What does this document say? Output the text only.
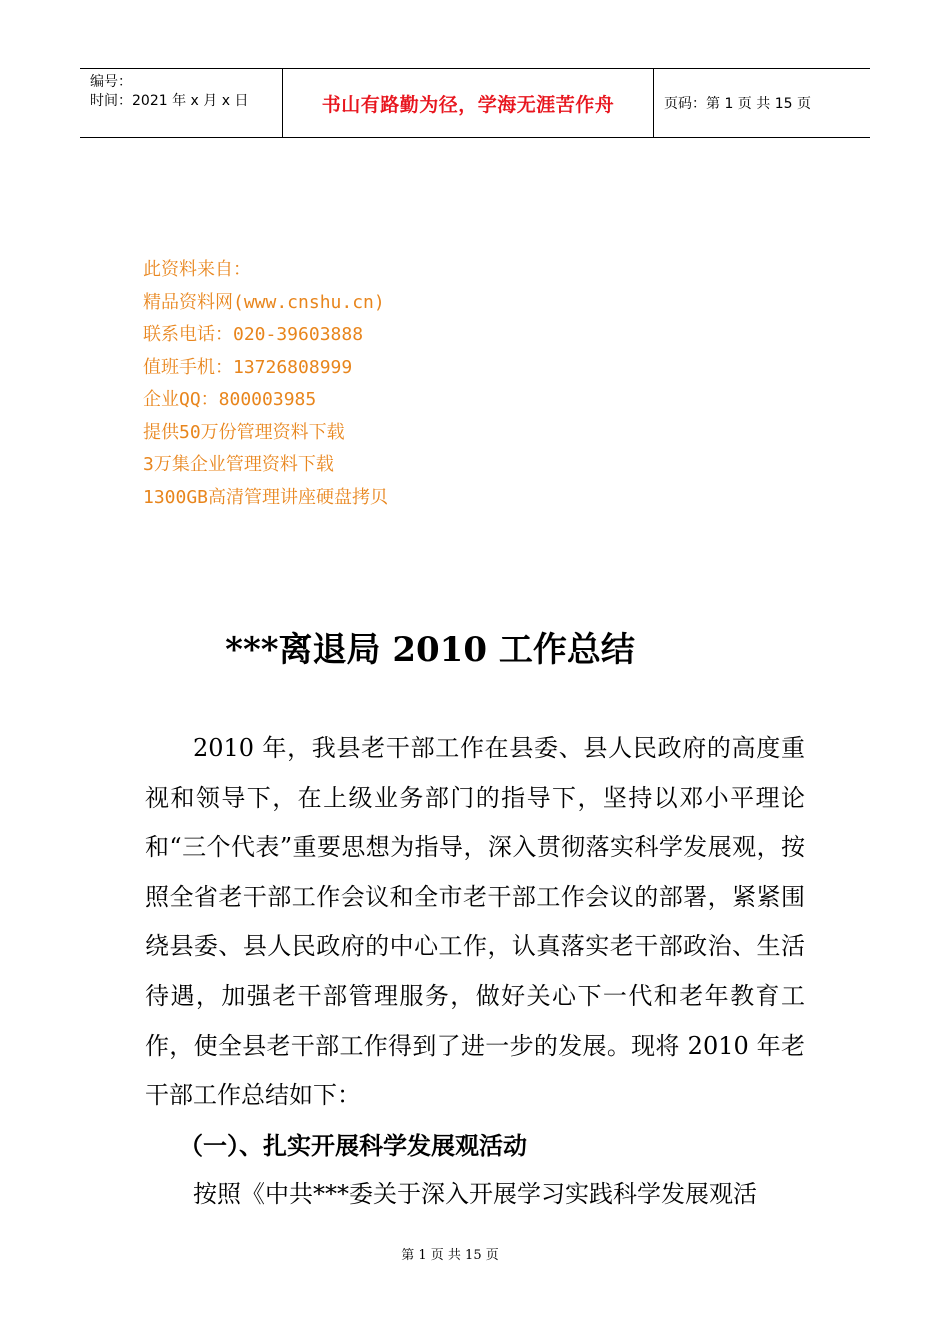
编号：
时间：2021 年 x 月 x 日	书山有路勤为径，学海无涯苦作舟	页码：第 1 页 共 15 页
此资料来自：
精品资料网(www.cnshu.cn)
联系电话：020-39603888
值班手机：13726808999
企业QQ：800003985
提供50万份管理资料下载
3万集企业管理资料下载
1300GB高清管理讲座硬盘拷贝
***离退局 2010 工作总结

2010 年，我县老干部工作在县委、县人民政府的高度重视和领导下，在上级业务部门的指导下，坚持以邓小平理论和“三个代表”重要思想为指导，深入贯彻落实科学发展观，按照全省老干部工作会议和全市老干部工作会议的部署，紧紧围绕县委、县人民政府的中心工作，认真落实老干部政治、生活待遇，加强老干部管理服务，做好关心下一代和老年教育工作，使全县老干部工作得到了进一步的发展。现将 2010 年老干部工作总结如下：

（一）、扎实开展科学发展观活动

按照《中共***委关于深入开展学习实践科学发展观活

第 1 页 共 15 页
